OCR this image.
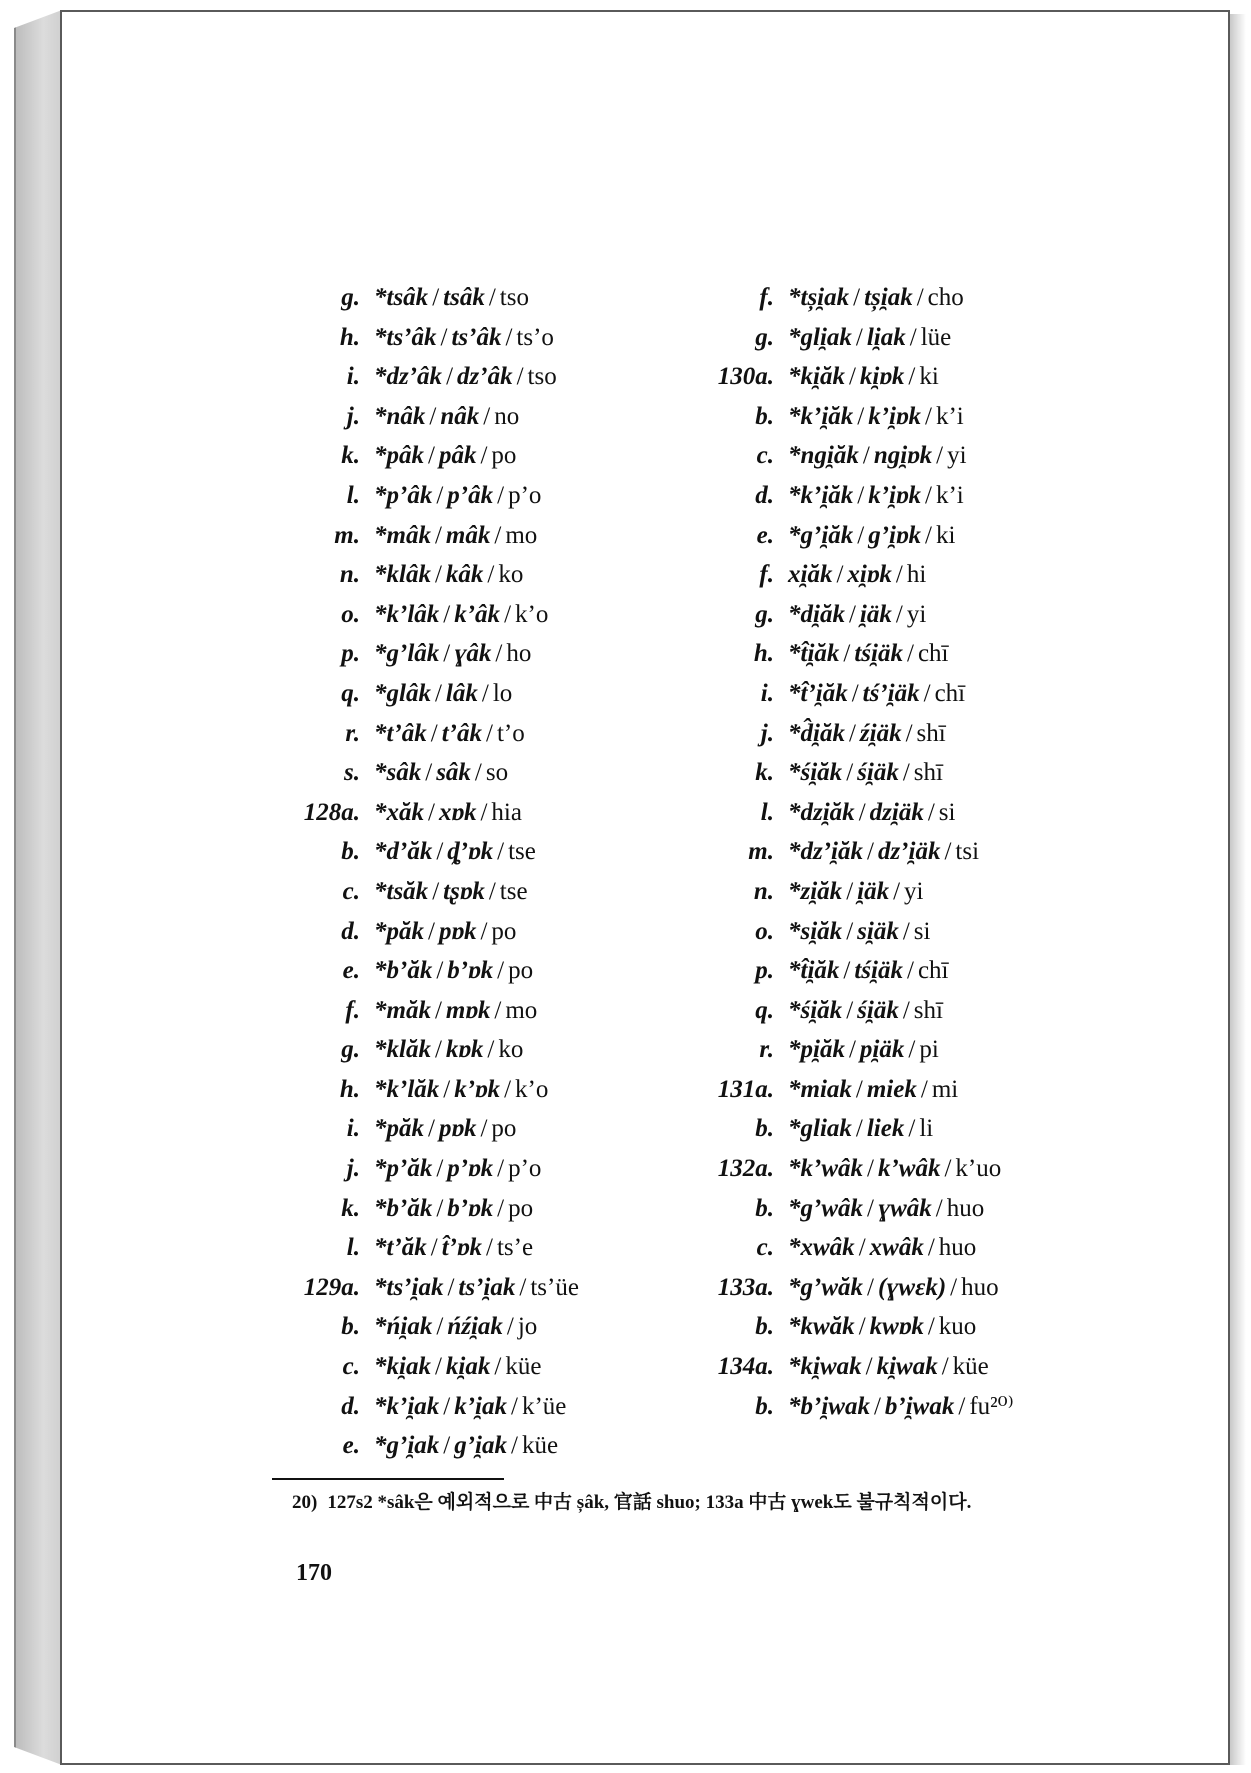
g. *tsâk / tsâk / tso
h. *ts’âk / ts’âk / ts’o
i. *dz’âk / dz’âk / tso
j. *nâk / nâk / no
k. *pâk / pâk / po
l. *p’âk / p’âk / p’o
m. *mâk / mâk / mo
n. *klâk / kâk / ko
o. *k’lâk / k’âk / k’o
p. *g’lâk / ɣâk / ho
q. *glâk / lâk / lo
r. *t’âk / t’âk / t’o
s. *sâk / sâk / so
128a. *xăk / xɒk / hia
b. *d’ăk / ȡ’ɒk / tse
c. *tsăk / tʂɒk / tse
d. *păk / pɒk / po
e. *b’ăk / b’ɒk / po
f. *măk / mɒk / mo
g. *klăk / kɒk / ko
h. *k’lăk / k’ɒk / k’o
i. *păk / pɒk / po
j. *p’ăk / p’ɒk / p’o
k. *b’ăk / b’ɒk / po
l. *t’ăk / t̂’ɒk / ts’e
129a. *ts’i̯ak / ts’i̯ak / ts’üe
b. *ńi̯ak / ńźi̯ak / jo
c. *ki̯ak / ki̯ak / küe
d. *k’i̯ak / k’i̯ak / k’üe
e. *g’i̯ak / g’i̯ak / küe
f. *tși̯ak / tși̯ak / cho
g. *gli̯ak / li̯ak / lüe
130a. *ki̯ăk / ki̯ɒk / ki
b. *k’i̯ăk / k’i̯ɒk / k’i
c. *ngi̯ăk / ngi̯ɒk / yi
d. *k’i̯ăk / k’i̯ɒk / k’i
e. *g’i̯ăk / g’i̯ɒk / ki
f. xi̯ăk / xi̯ɒk / hi
g. *di̯ăk / i̯äk / yi
h. *t̂i̯ăk / tśi̯äk / chī
i. *t̂’i̯ăk / tś’i̯äk / chī
j. *d̂i̯ăk / źi̯äk / shī
k. *śi̯ăk / śi̯äk / shī
l. *dzi̯ăk / dzi̯äk / si
m. *dz’i̯ăk / dz’i̯äk / tsi
n. *zi̯ăk / i̯äk / yi
o. *si̯ăk / si̯äk / si
p. *t̂i̯ăk / tśi̯äk / chī
q. *śi̯ăk / śi̯äk / shī
r. *pi̯ăk / pi̯äk / pi
131a. *miak / miek / mi
b. *gliak / liek / li
132a. *k’wâk / k’wâk / k’uo
b. *g’wâk / ɣwâk / huo
c. *xwâk / xwâk / huo
133a. *g’wăk / (ɣwɛk) / huo
b. *kwăk / kwɒk / kuo
134a. *ki̯wak / ki̯wak / küe
b. *b’i̯wak / b’i̯wak / fu²⁰⁾
20) 127s2 *sâk은 예외적으로 中古 șâk, 官話 shuo; 133a 中古 ɣwek도 불규칙적이다.
170
